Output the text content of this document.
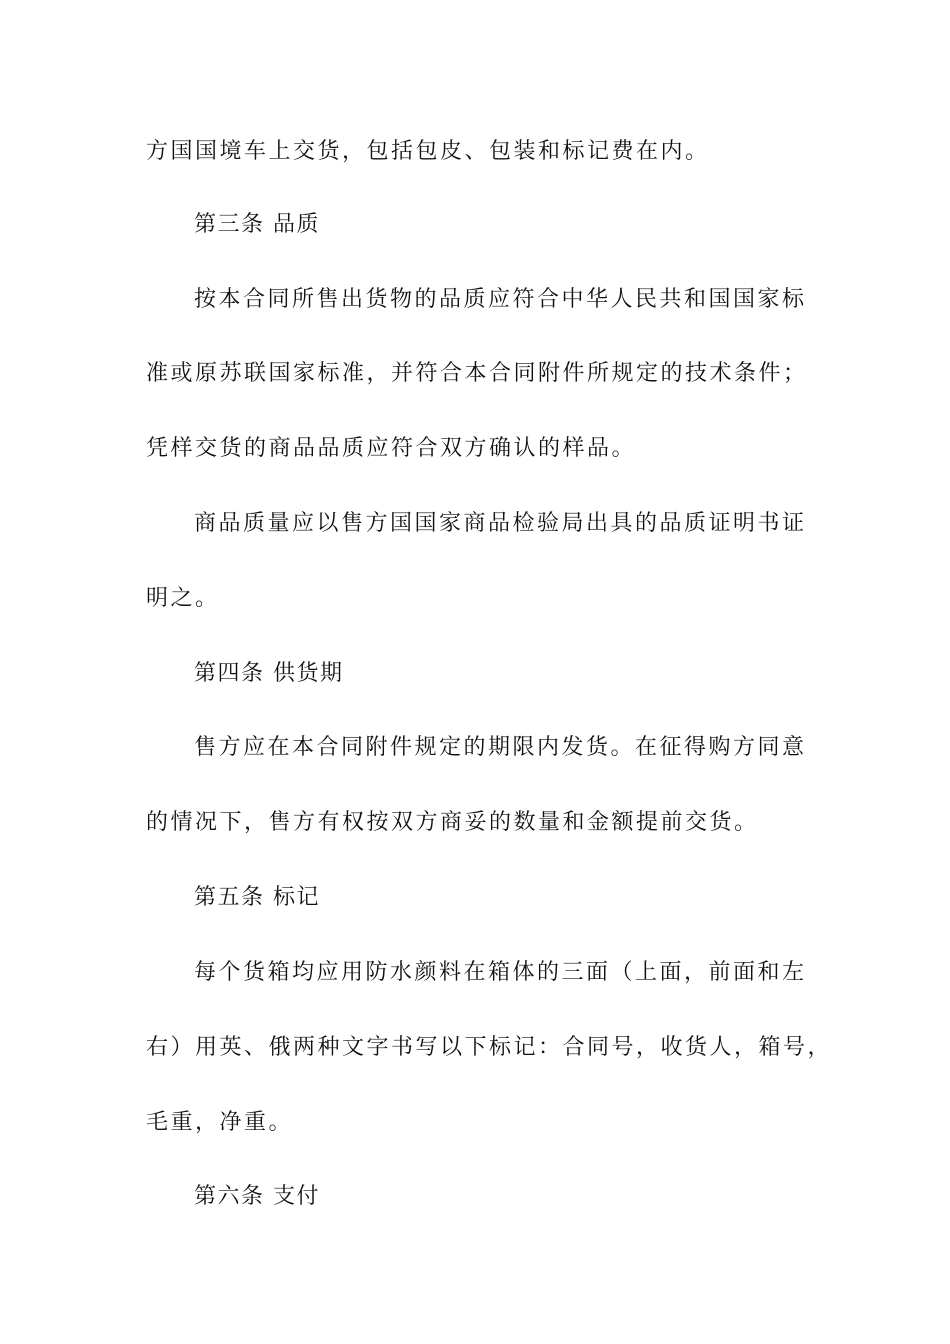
方国国境车上交货，包括包皮、包装和标记费在内。
第三条 品质
按本合同所售出货物的品质应符合中华人民共和国国家标
准或原苏联国家标准，并符合本合同附件所规定的技术条件；
凭样交货的商品品质应符合双方确认的样品。
商品质量应以售方国国家商品检验局出具的品质证明书证
明之。
第四条 供货期
售方应在本合同附件规定的期限内发货。在征得购方同意
的情况下，售方有权按双方商妥的数量和金额提前交货。
第五条 标记
每个货箱均应用防水颜料在箱体的三面（上面，前面和左
右）用英、俄两种文字书写以下标记：合同号，收货人，箱号，
毛重，净重。
第六条 支付
